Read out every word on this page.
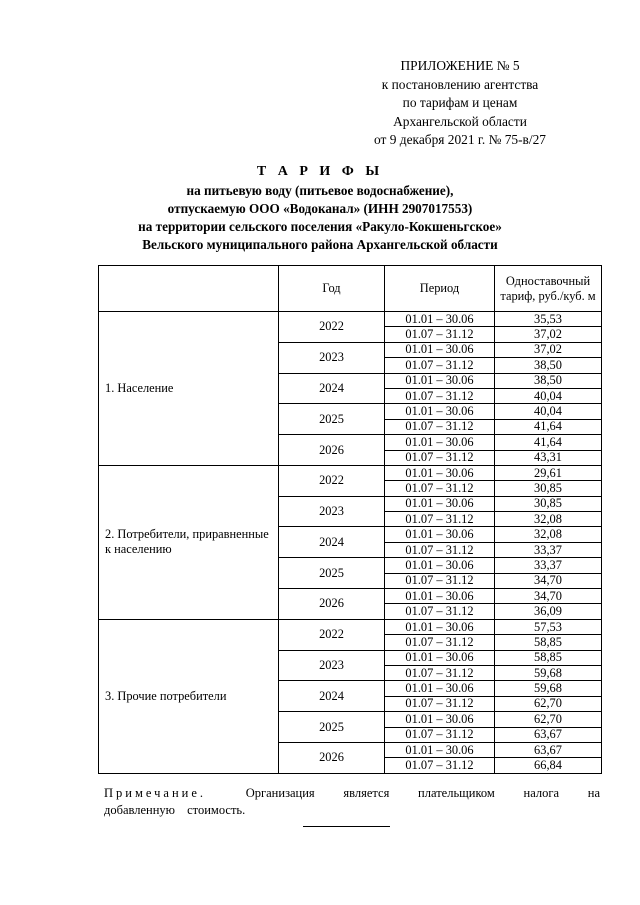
ПРИЛОЖЕНИЕ № 5
к постановлению агентства
по тарифам и ценам
Архангельской области
от 9 декабря 2021 г. № 75-в/27
Т А Р И Ф Ы
на питьевую воду (питьевое водоснабжение),
отпускаемую ООО «Водоканал» (ИНН 2907017553)
на территории сельского поселения «Ракуло-Кокшеньгское»
Вельского муниципального района Архангельской области
	Год	Период	Одноставочный тариф, руб./куб. м
1. Население	2022	01.01 – 30.06	35,53
		01.07 – 31.12	37,02
	2023	01.01 – 30.06	37,02
		01.07 – 31.12	38,50
	2024	01.01 – 30.06	38,50
		01.07 – 31.12	40,04
	2025	01.01 – 30.06	40,04
		01.07 – 31.12	41,64
	2026	01.01 – 30.06	41,64
		01.07 – 31.12	43,31
2. Потребители, приравненные к населению	2022	01.01 – 30.06	29,61
		01.07 – 31.12	30,85
	2023	01.01 – 30.06	30,85
		01.07 – 31.12	32,08
	2024	01.01 – 30.06	32,08
		01.07 – 31.12	33,37
	2025	01.01 – 30.06	33,37
		01.07 – 31.12	34,70
	2026	01.01 – 30.06	34,70
		01.07 – 31.12	36,09
3. Прочие потребители	2022	01.01 – 30.06	57,53
		01.07 – 31.12	58,85
	2023	01.01 – 30.06	58,85
		01.07 – 31.12	59,68
	2024	01.01 – 30.06	59,68
		01.07 – 31.12	62,70
	2025	01.01 – 30.06	62,70
		01.07 – 31.12	63,67
	2026	01.01 – 30.06	63,67
		01.07 – 31.12	66,84
Примечание.	Организация является плательщиком налога на добавленную стоимость.
